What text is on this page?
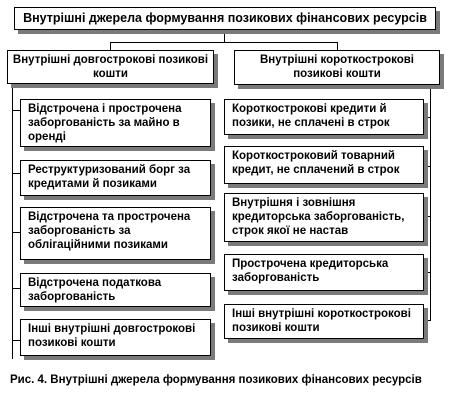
Внутрішні джерела формування позикових фінансових ресурсів
Внутрішні довгострокові позикові кошти
Внутрішні короткострокові позикові кошти
Відстрочена і прострочена заборгованість за майно в оренді
Реструктуризований борг за кредитами й позиками
Відстрочена та прострочена заборгованість за облігаційними позиками
Відстрочена податкова заборгованість
Інші внутрішні довгострокові позикові кошти
Короткострокові кредити й позики, не сплачені в строк
Короткостроковий товарний кредит, не сплачений в строк
Внутрішня і зовнішня кредиторська заборгованість, строк якої не настав
Прострочена кредиторська заборгованість
Інші внутрішні короткострокові позикові кошти
Рис. 4. Внутрішні джерела формування позикових фінансових ресурсів
